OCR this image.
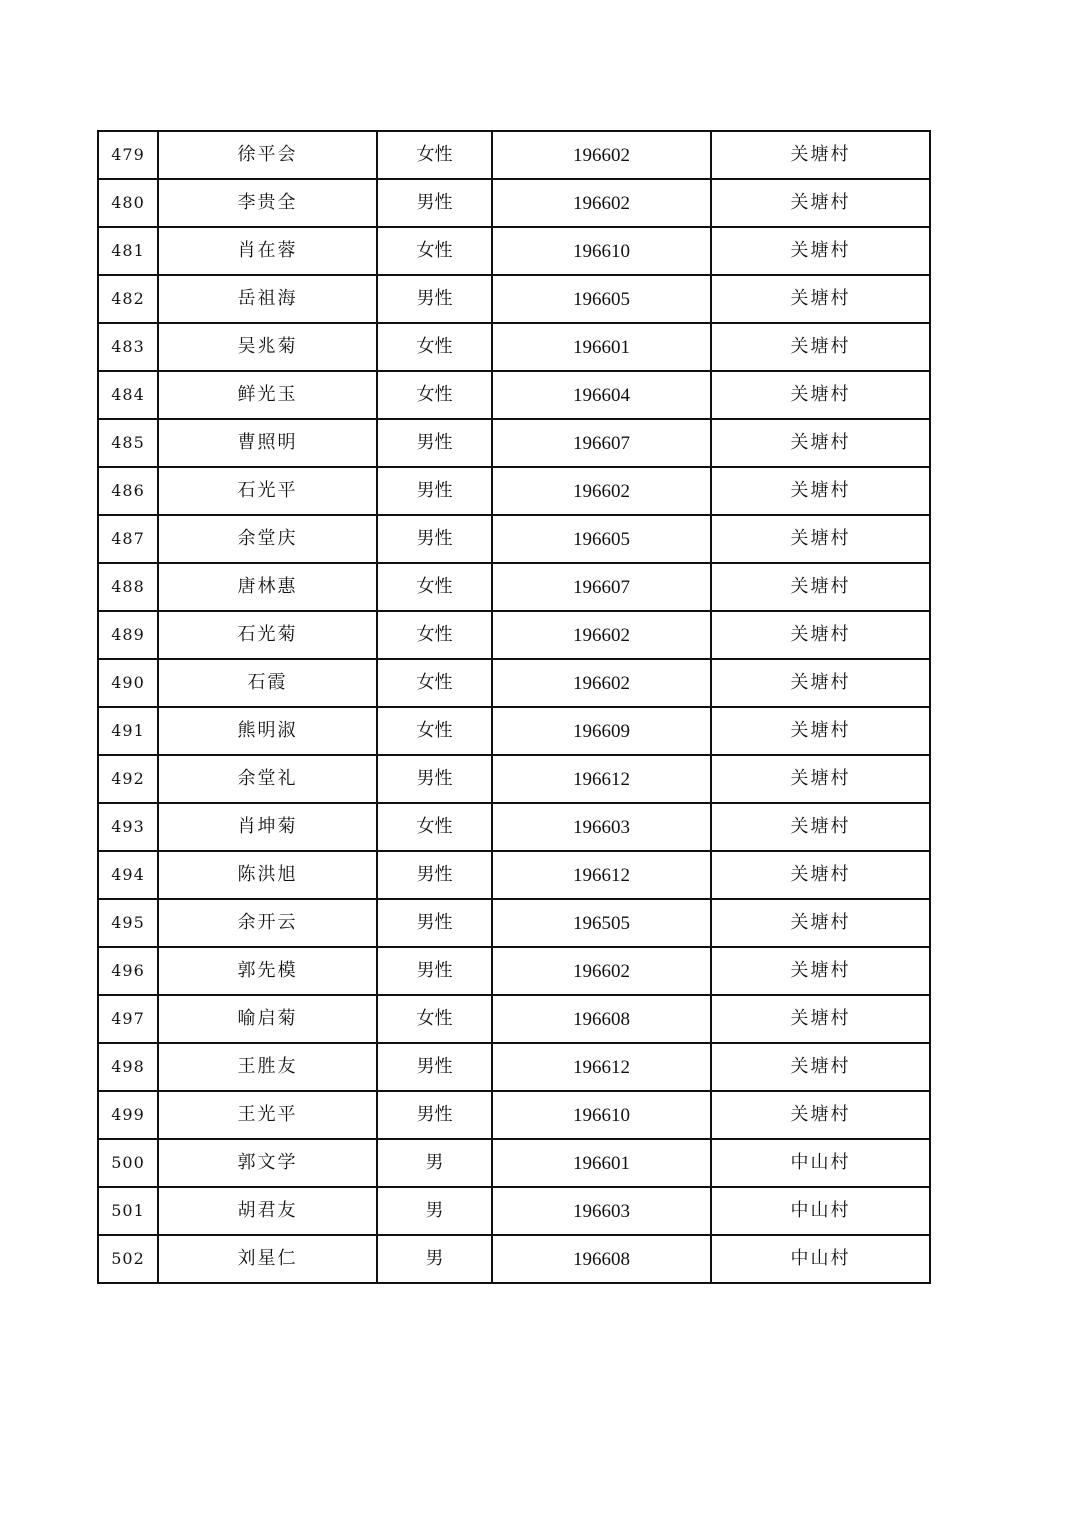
479	徐平会	女性	196602	关塘村
480	李贵全	男性	196602	关塘村
481	肖在蓉	女性	196610	关塘村
482	岳祖海	男性	196605	关塘村
483	吴兆菊	女性	196601	关塘村
484	鲜光玉	女性	196604	关塘村
485	曹照明	男性	196607	关塘村
486	石光平	男性	196602	关塘村
487	余堂庆	男性	196605	关塘村
488	唐林惠	女性	196607	关塘村
489	石光菊	女性	196602	关塘村
490	石霞	女性	196602	关塘村
491	熊明淑	女性	196609	关塘村
492	余堂礼	男性	196612	关塘村
493	肖坤菊	女性	196603	关塘村
494	陈洪旭	男性	196612	关塘村
495	余开云	男性	196505	关塘村
496	郭先模	男性	196602	关塘村
497	喻启菊	女性	196608	关塘村
498	王胜友	男性	196612	关塘村
499	王光平	男性	196610	关塘村
500	郭文学	男	196601	中山村
501	胡君友	男	196603	中山村
502	刘星仁	男	196608	中山村
